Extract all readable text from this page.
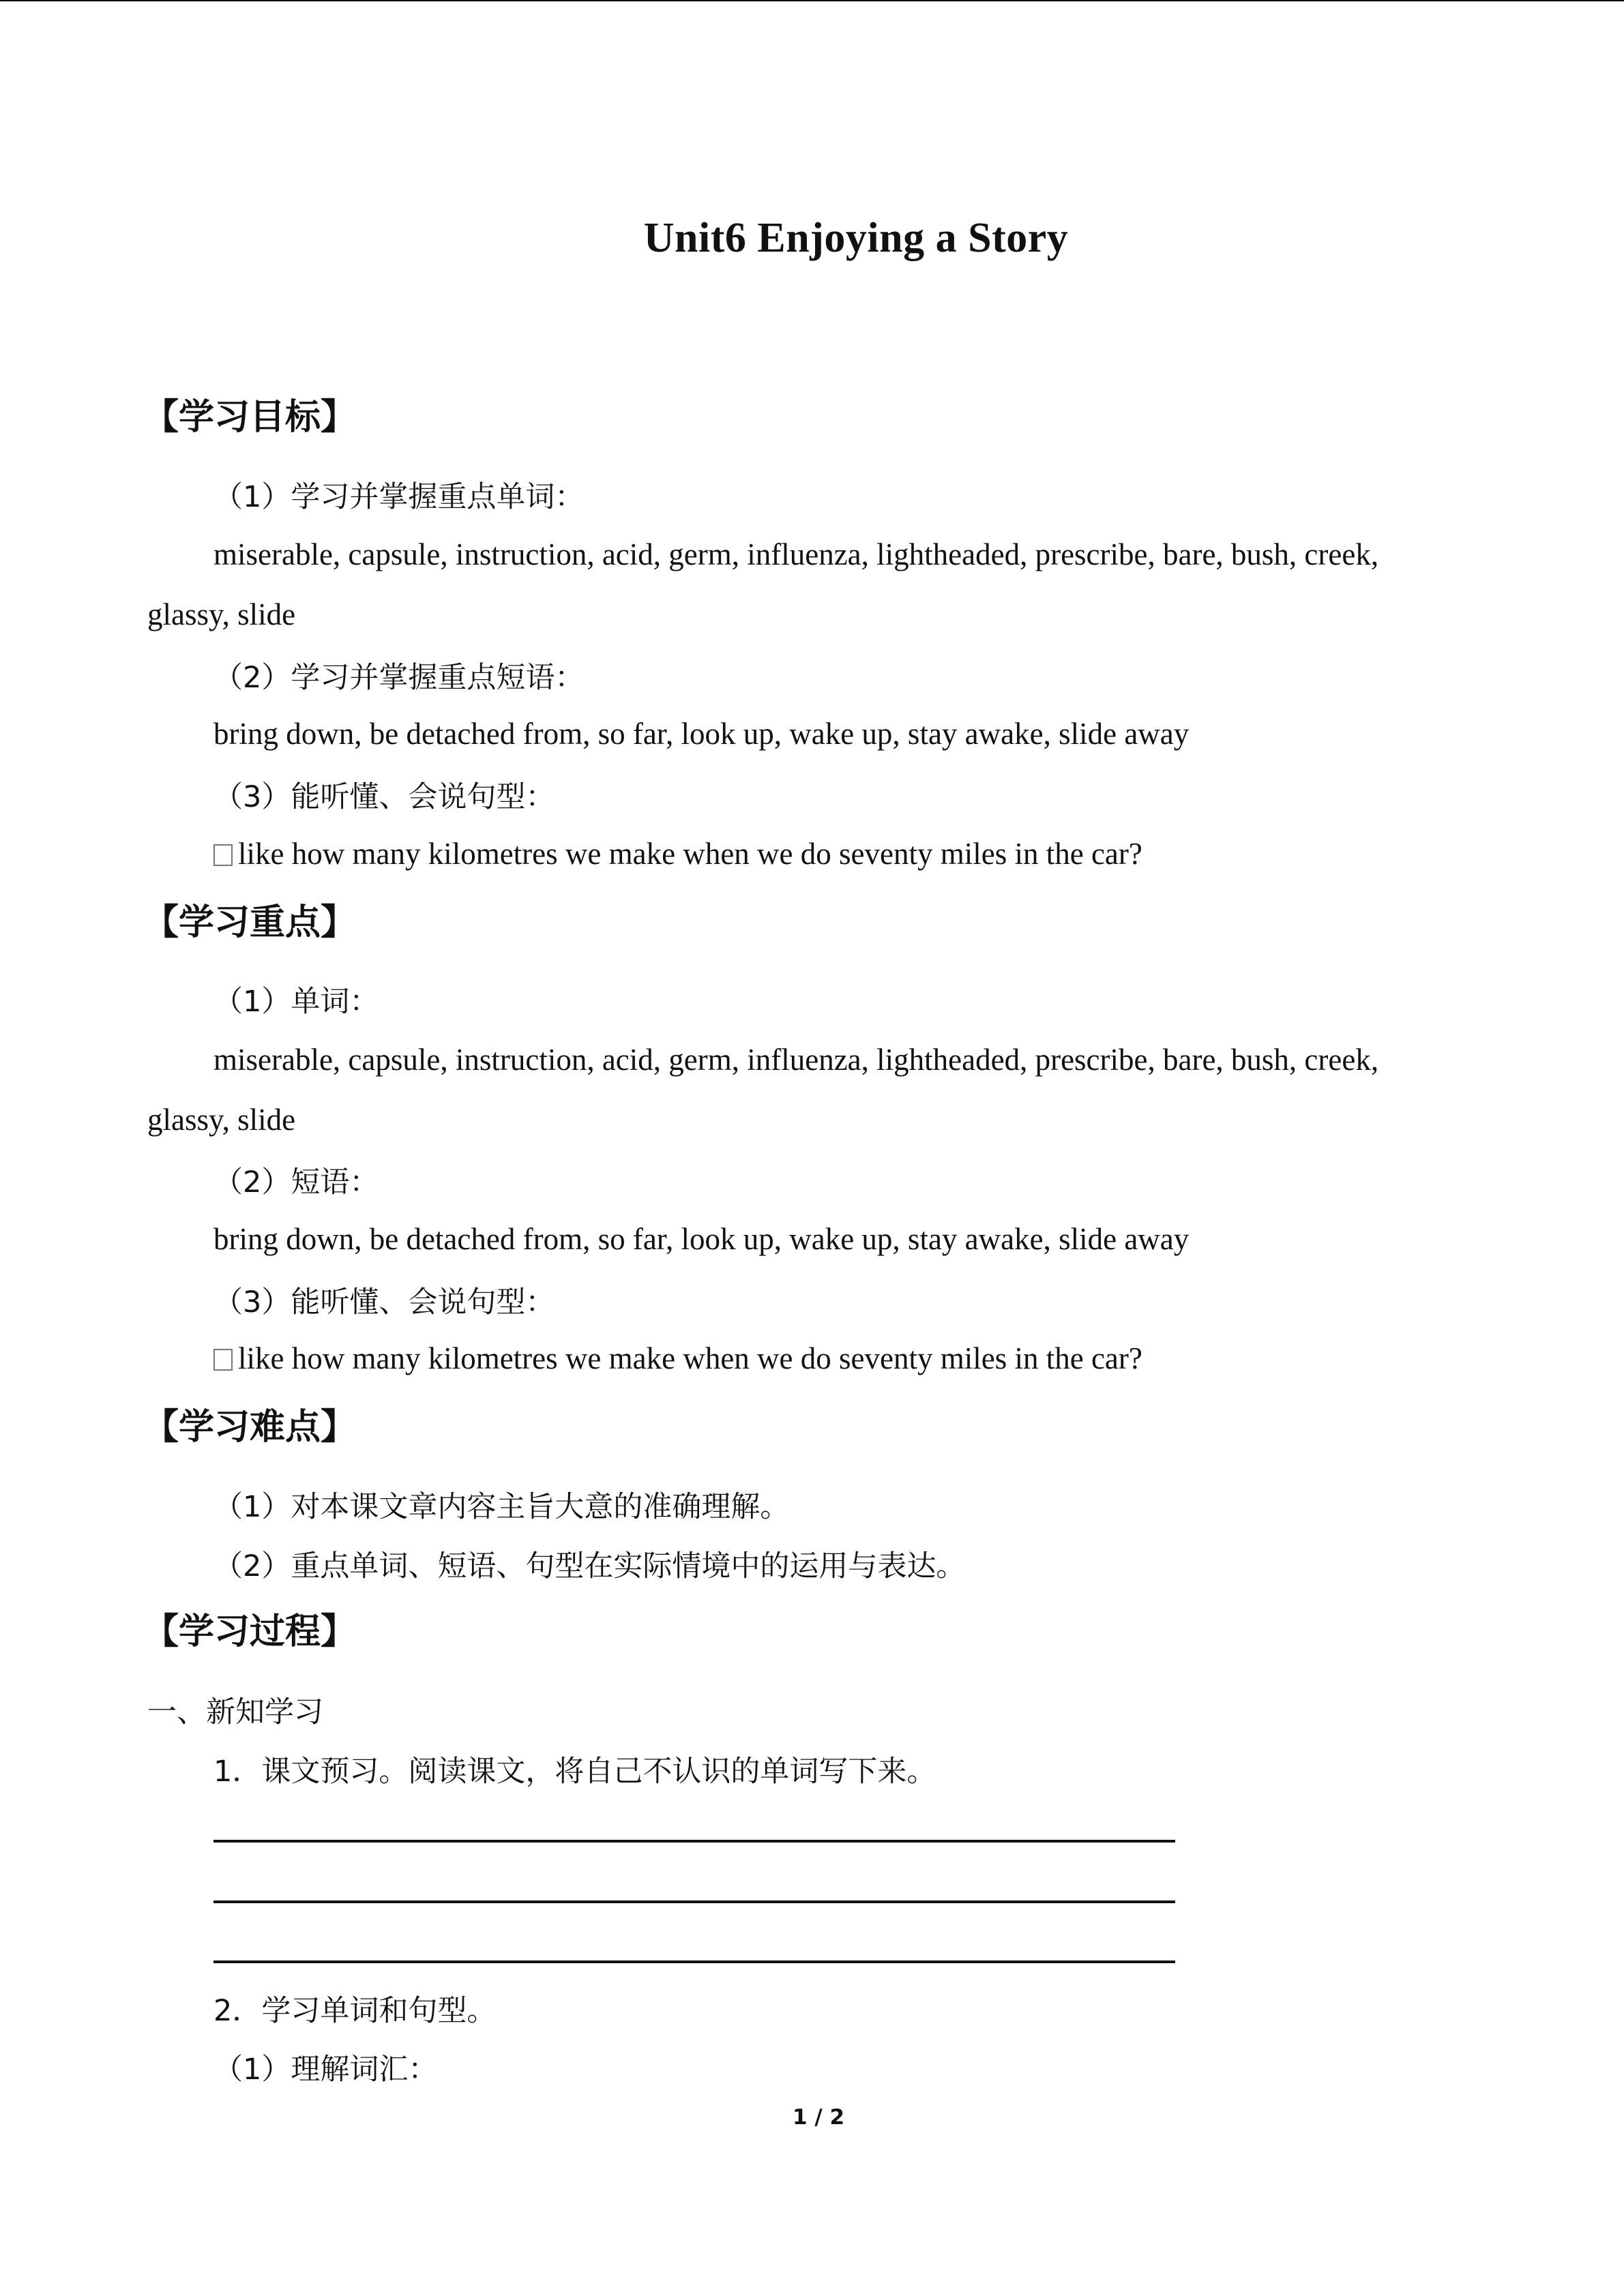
Unit6 Enjoying a Story
【学习目标】
（1）学习并掌握重点单词：
miserable, capsule, instruction, acid, germ, influenza, lightheaded, prescribe, bare, bush, creek,
glassy, slide
（2）学习并掌握重点短语：
bring down, be detached from, so far, look up, wake up, stay awake, slide away
（3）能听懂、会说句型：
like how many kilometres we make when we do seventy miles in the car?
【学习重点】
（1）单词：
miserable, capsule, instruction, acid, germ, influenza, lightheaded, prescribe, bare, bush, creek,
glassy, slide
（2）短语：
bring down, be detached from, so far, look up, wake up, stay awake, slide away
（3）能听懂、会说句型：
like how many kilometres we make when we do seventy miles in the car?
【学习难点】
（1）对本课文章内容主旨大意的准确理解。
（2）重点单词、短语、句型在实际情境中的运用与表达。
【学习过程】
一、新知学习
1．课文预习。阅读课文，将自己不认识的单词写下来。
2．学习单词和句型。
（1）理解词汇：
1 / 2
